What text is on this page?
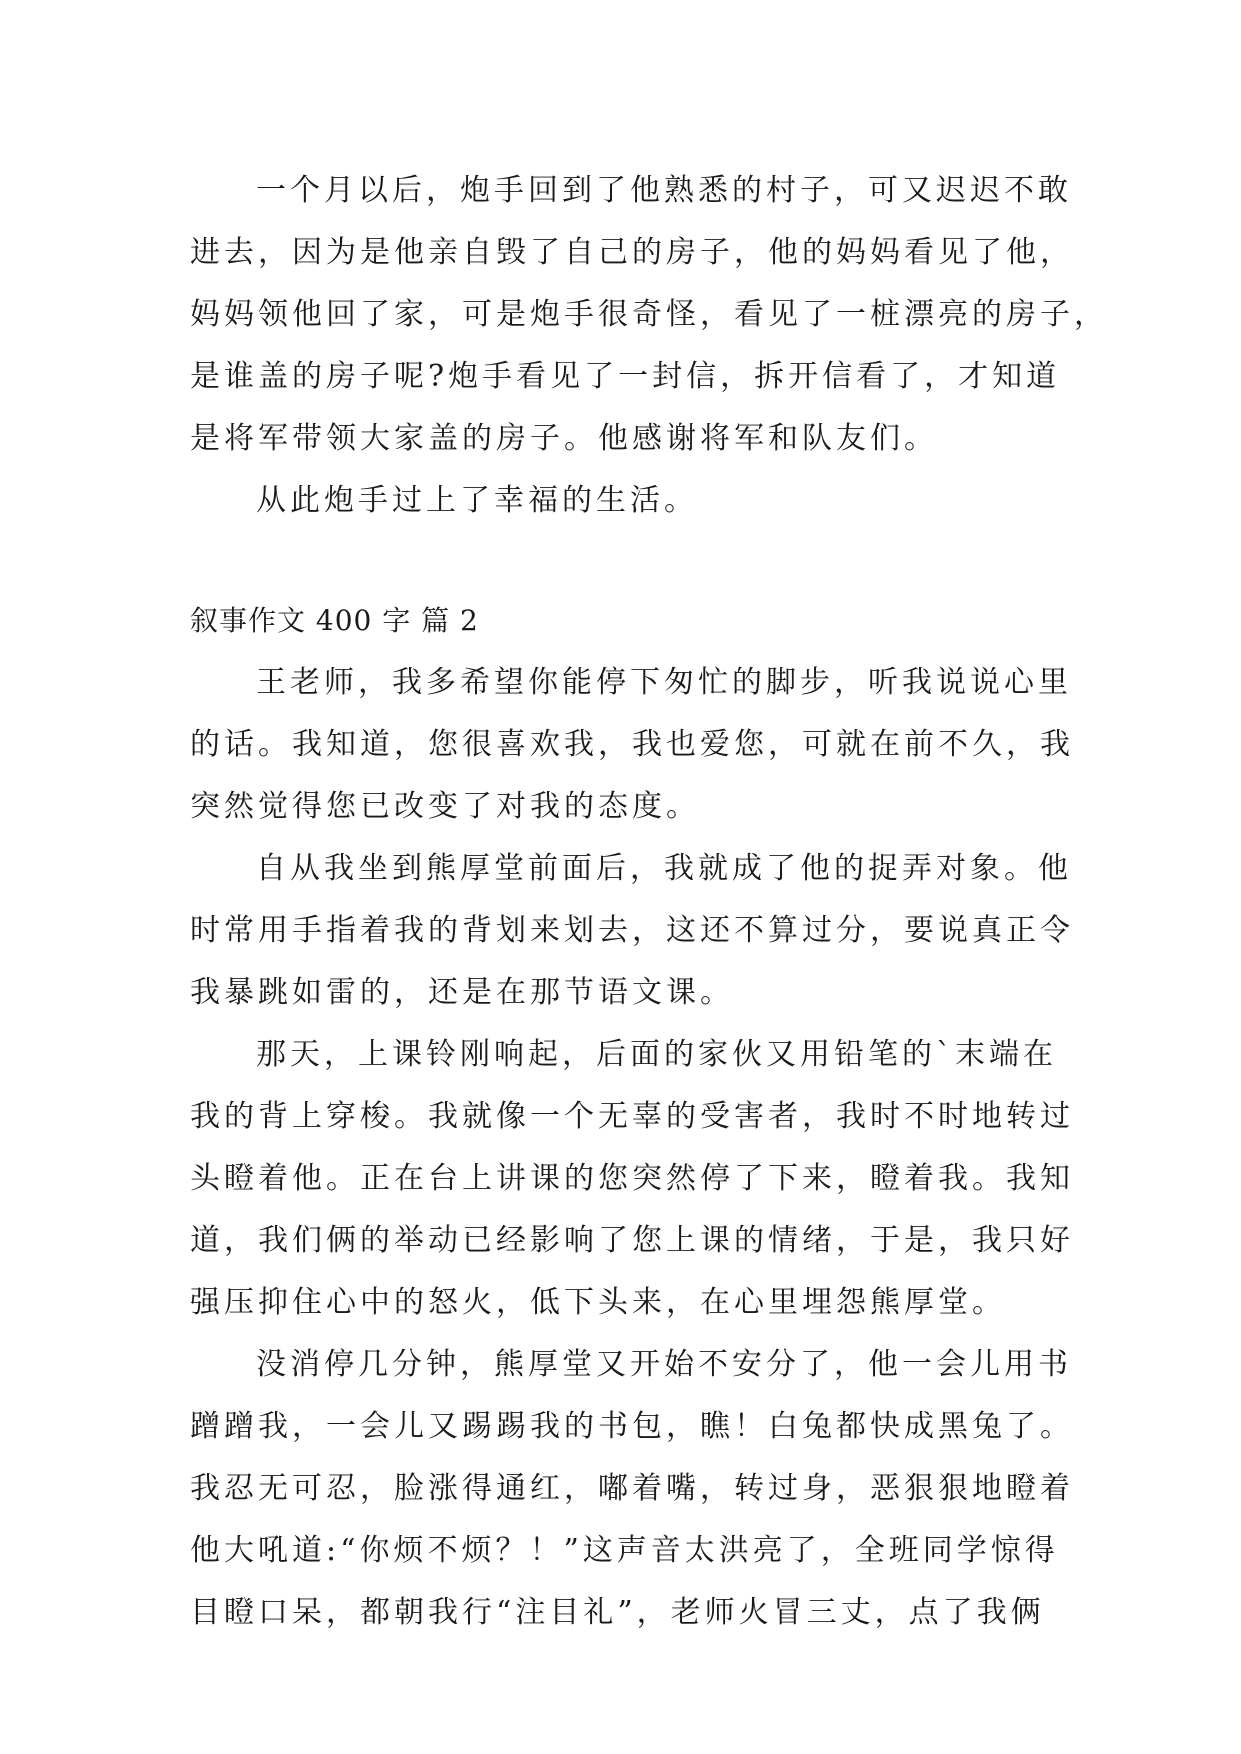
一个月以后，炮手回到了他熟悉的村子，可又迟迟不敢
进去，因为是他亲自毁了自己的房子，他的妈妈看见了他，
妈妈领他回了家，可是炮手很奇怪，看见了一桩漂亮的房子，
是谁盖的房子呢?炮手看见了一封信，拆开信看了，才知道
是将军带领大家盖的房子。他感谢将军和队友们。
从此炮手过上了幸福的生活。
叙事作文 400 字 篇 2
王老师，我多希望你能停下匆忙的脚步，听我说说心里
的话。我知道，您很喜欢我，我也爱您，可就在前不久，我
突然觉得您已改变了对我的态度。
自从我坐到熊厚堂前面后，我就成了他的捉弄对象。他
时常用手指着我的背划来划去，这还不算过分，要说真正令
我暴跳如雷的，还是在那节语文课。
那天，上课铃刚响起，后面的家伙又用铅笔的`末端在
我的背上穿梭。我就像一个无辜的受害者，我时不时地转过
头瞪着他。正在台上讲课的您突然停了下来，瞪着我。我知
道，我们俩的举动已经影响了您上课的情绪，于是，我只好
强压抑住心中的怒火，低下头来，在心里埋怨熊厚堂。
没消停几分钟，熊厚堂又开始不安分了，他一会儿用书
蹭蹭我，一会儿又踢踢我的书包，瞧！白兔都快成黑兔了。
我忍无可忍，脸涨得通红，嘟着嘴，转过身，恶狠狠地瞪着
他大吼道:“你烦不烦？！”这声音太洪亮了，全班同学惊得
目瞪口呆，都朝我行“注目礼”，老师火冒三丈，点了我俩
